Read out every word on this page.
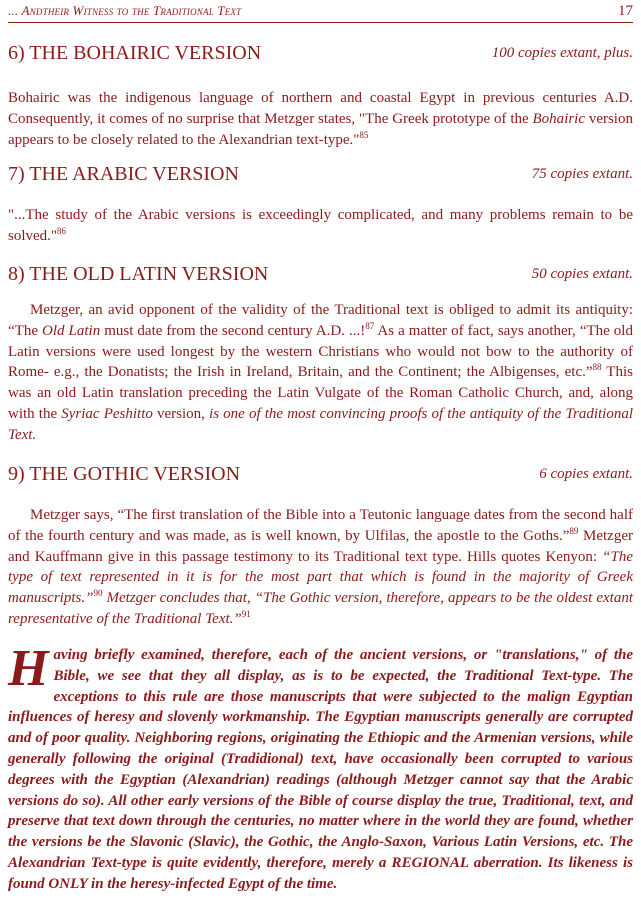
... Andtheir Witness to the Traditional Text	17
6) THE BOHAIRIC VERSION	100 copies extant, plus.
Bohairic was the indigenous language of northern and coastal Egypt in previous centuries A.D. Consequently, it comes of no surprise that Metzger states, "The Greek prototype of the Bohairic version appears to be closely related to the Alexandrian text-type."$^{85}$
7) THE ARABIC VERSION	75 copies extant.
"...The study of the Arabic versions is exceedingly complicated, and many problems remain to be solved."$^{86}$
8) THE OLD LATIN VERSION	50 copies extant.
Metzger, an avid opponent of the validity of the Traditional text is obliged to admit its antiquity: “The Old Latin must date from the second century A.D. ...!$^{87}$ As a matter of fact, says another, “The old Latin versions were used longest by the western Christians who would not bow to the authority of Rome- e.g., the Donatists; the Irish in Ireland, Britain, and the Continent; the Albigenses, etc.”$^{88}$ This was an old Latin translation preceding the Latin Vulgate of the Roman Catholic Church, and, along with the Syriac Peshitto version, is one of the most convincing proofs of the antiquity of the Traditional Text.
9) THE GOTHIC VERSION	6 copies extant.
Metzger says, “The first translation of the Bible into a Teutonic language dates from the second half of the fourth century and was made, as is well known, by Ulfilas, the apostle to the Goths.”$^{89}$ Metzger and Kauffmann give in this passage testimony to its Traditional text type. Hills quotes Kenyon: “The type of text represented in it is for the most part that which is found in the majority of Greek manuscripts.”$^{90}$ Metzger concludes that, “The Gothic version, therefore, appears to be the oldest extant representative of the Traditional Text.”$^{91}$
Having briefly examined, therefore, each of the ancient versions, or "translations," of the Bible, we see that they all display, as is to be expected, the Traditional Text-type. The exceptions to this rule are those manuscripts that were subjected to the malign Egyptian influences of heresy and slovenly workmanship. The Egyptian manuscripts generally are corrupted and of poor quality. Neighboring regions, originating the Ethiopic and the Armenian versions, while generally following the original (Tradidional) text, have occasionally been corrupted to various degrees with the Egyptian (Alexandrian) readings (although Metzger cannot say that the Arabic versions do so). All other early versions of the Bible of course display the true, Traditional, text, and preserve that text down through the centuries, no matter where in the world they are found, whether the versions be the Slavonic (Slavic), the Gothic, the Anglo-Saxon, Various Latin Versions, etc. The Alexandrian Text-type is quite evidently, therefore, merely a REGIONAL aberration. Its likeness is found ONLY in the heresy-infected Egypt of the time.
